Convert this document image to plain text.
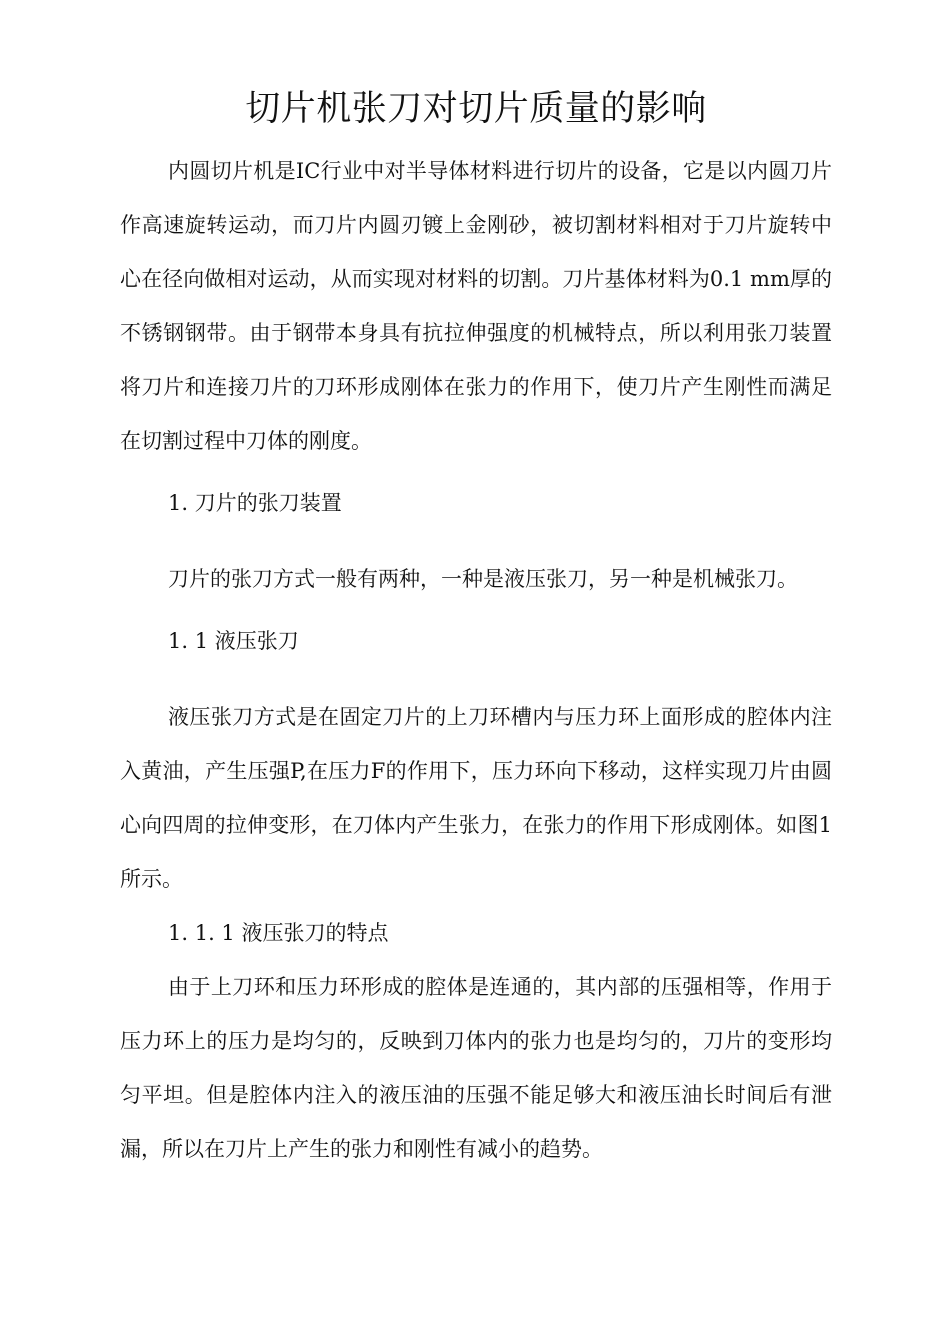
切片机张刀对切片质量的影响

内圆切片机是IC行业中对半导体材料进行切片的设备，它是以内圆刀片作高速旋转运动，而刀片内圆刃镀上金刚砂，被切割材料相对于刀片旋转中心在径向做相对运动，从而实现对材料的切割。刀片基体材料为0.1 mm厚的不锈钢钢带。由于钢带本身具有抗拉伸强度的机械特点，所以利用张刀装置将刀片和连接刀片的刀环形成刚体在张力的作用下，使刀片产生刚性而满足在切割过程中刀体的刚度。

1. 刀片的张刀装置

刀片的张刀方式一般有两种，一种是液压张刀，另一种是机械张刀。

1. 1 液压张刀

液压张刀方式是在固定刀片的上刀环槽内与压力环上面形成的腔体内注入黄油，产生压强P,在压力F的作用下，压力环向下移动，这样实现刀片由圆心向四周的拉伸变形，在刀体内产生张力，在张力的作用下形成刚体。如图1所示。

1. 1. 1 液压张刀的特点

由于上刀环和压力环形成的腔体是连通的，其内部的压强相等，作用于压力环上的压力是均匀的，反映到刀体内的张力也是均匀的，刀片的变形均匀平坦。但是腔体内注入的液压油的压强不能足够大和液压油长时间后有泄漏，所以在刀片上产生的张力和刚性有减小的趋势。
